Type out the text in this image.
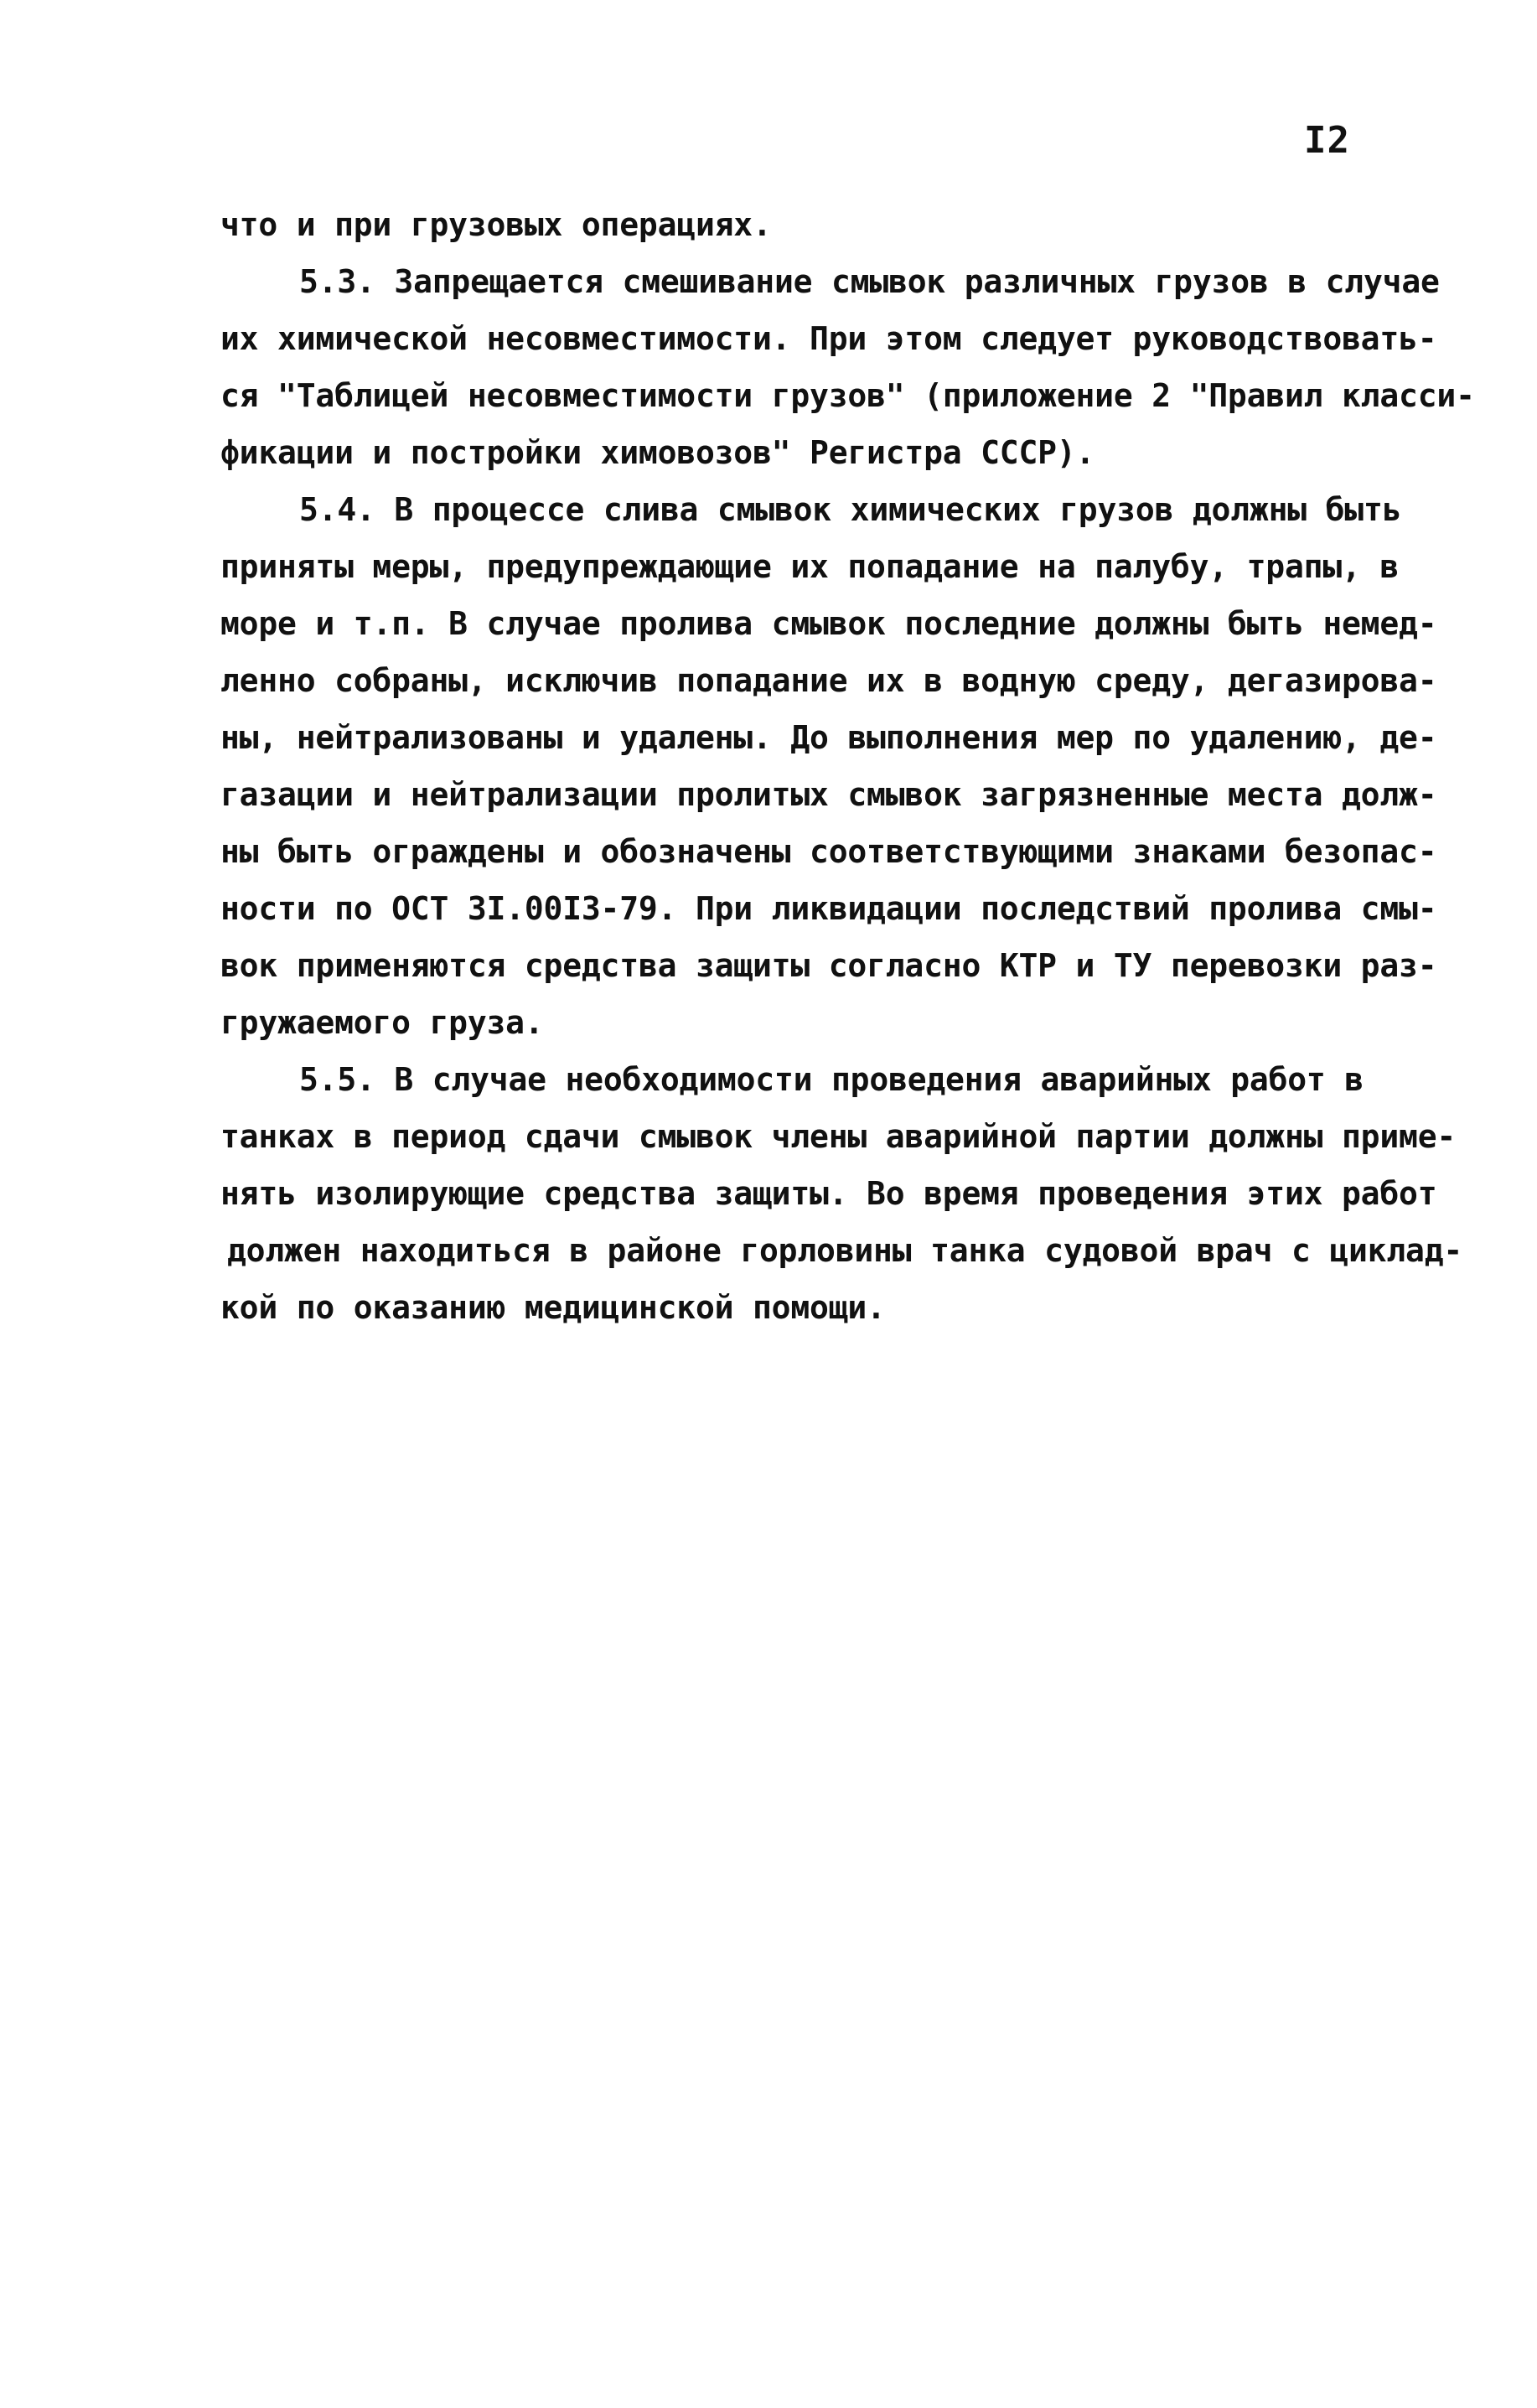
I2
что и при грузовых операциях.
5.3. Запрещается смешивание смывок различных грузов в случае
их химической несовместимости. При этом следует руководствовать-
ся "Таблицей несовместимости грузов" (приложение 2 "Правил класси-
фикации и постройки химовозов" Регистра СССР).
5.4. В процессе слива смывок химических грузов должны быть
приняты меры, предупреждающие их попадание на палубу, трапы, в
море и т.п. В случае пролива смывок последние должны быть немед-
ленно собраны, исключив попадание их в водную среду, дегазирова-
ны, нейтрализованы и удалены. До выполнения мер по удалению, де-
газации и нейтрализации пролитых смывок загрязненные места долж-
ны быть ограждены и обозначены соответствующими знаками безопас-
ности по ОСТ 3I.00I3-79. При ликвидации последствий пролива смы-
вок применяются средства защиты согласно КТР и ТУ перевозки раз-
гружаемого груза.
5.5. В случае необходимости проведения аварийных работ в
танках в период сдачи смывок члены аварийной партии должны приме-
нять изолирующие средства защиты. Во время проведения этих работ
должен находиться в районе горловины танка судовой врач с циклад-
кой по оказанию медицинской помощи.
